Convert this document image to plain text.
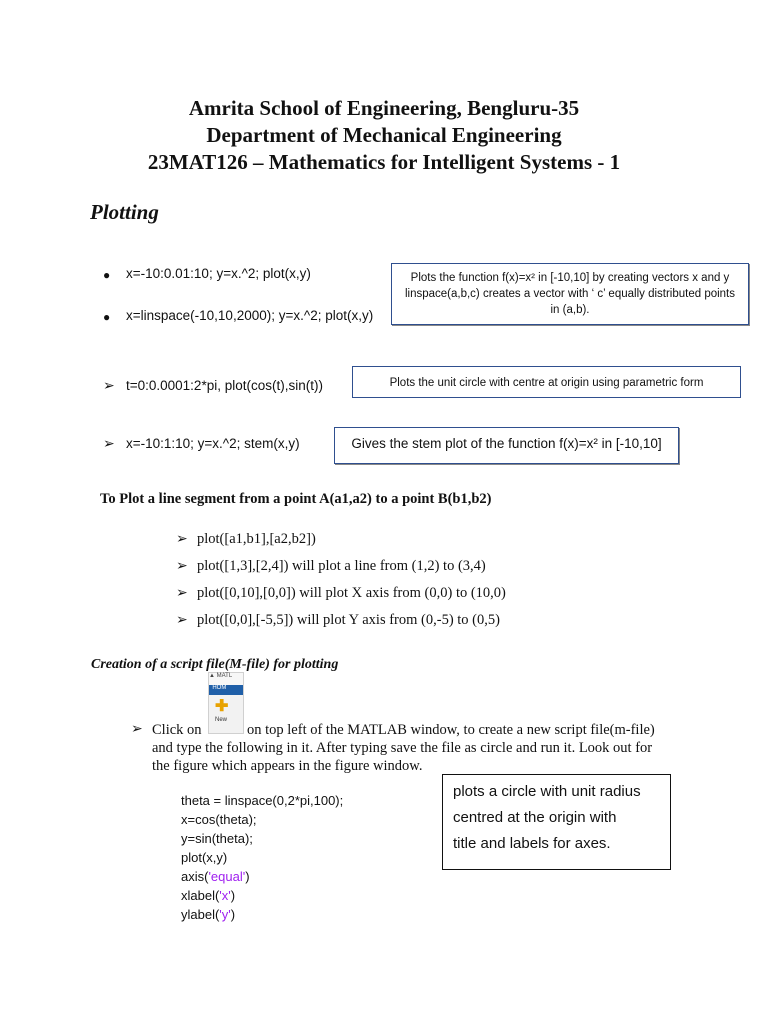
Amrita School of Engineering, Bengluru-35
Department of Mechanical Engineering
23MAT126 – Mathematics for Intelligent Systems - 1
Plotting
● x=-10:0.01:10; y=x.^2; plot(x,y)
● x=linspace(-10,10,2000); y=x.^2; plot(x,y)
➢ t=0:0.0001:2*pi, plot(cos(t),sin(t))
➢ x=-10:1:10; y=x.^2; stem(x,y)
Plots the function f(x)=x² in [-10,10] by creating vectors x and y
linspace(a,b,c) creates a vector with ‘ c’ equally distributed points
in (a,b).
Plots the unit circle with centre at origin using parametric form
Gives the stem plot of the function f(x)=x² in [-10,10]
To Plot a line segment from a point A(a1,a2) to a point B(b1,b2)
➢ plot([a1,b1],[a2,b2])
➢ plot([1,3],[2,4]) will plot a line from (1,2) to (3,4)
➢ plot([0,10],[0,0]) will plot X axis from (0,0) to (10,0)
➢ plot([0,0],[-5,5]) will plot Y axis from (0,-5) to (0,5)
Creation of a script file(M-file) for plotting
▲ MATL
HOM
✚
New
➢ Click on	on top left of the MATLAB window, to create a new script file(m-file)
and type the following in it. After typing save the file as circle and run it. Look out for
the figure which appears in the figure window.
theta = linspace(0,2*pi,100);
x=cos(theta);
y=sin(theta);
plot(x,y)
axis('equal')
xlabel('x')
ylabel('y')
plots a circle with unit radius
centred at the origin with
title and labels for axes.
